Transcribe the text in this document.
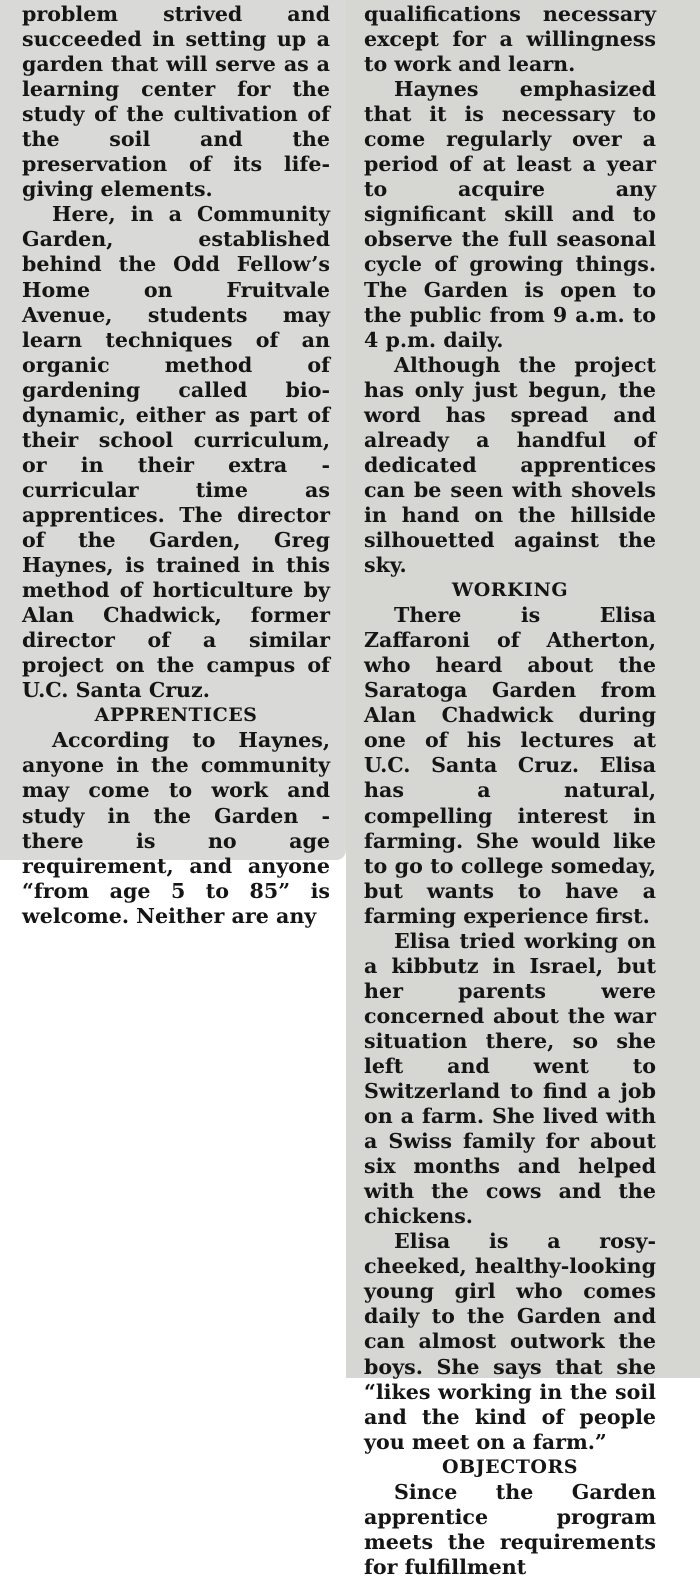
problem strived and succeeded in setting up a garden that will serve as a learning center for the study of the cultivation of the soil and the preservation of its life-giving elements.

Here, in a Community Garden, established behind the Odd Fellow’s Home on Fruitvale Avenue, students may learn techniques of an organic method of gardening called bio-dynamic, either as part of their school curriculum, or in their extra - curricular time as apprentices. The director of the Garden, Greg Haynes, is trained in this method of horticulture by Alan Chadwick, former director of a similar project on the campus of U.C. Santa Cruz.

APPRENTICES

According to Haynes, anyone in the community may come to work and study in the Garden - there is no age requirement, and anyone “from age 5 to 85” is welcome. Neither are any

qualifications necessary except for a willingness to work and learn.

Haynes emphasized that it is necessary to come regularly over a period of at least a year to acquire any significant skill and to observe the full seasonal cycle of growing things. The Garden is open to the public from 9 a.m. to 4 p.m. daily.

Although the project has only just begun, the word has spread and already a handful of dedicated apprentices can be seen with shovels in hand on the hillside silhouetted against the sky.

WORKING

There is Elisa Zaffaroni of Atherton, who heard about the Saratoga Garden from Alan Chadwick during one of his lectures at U.C. Santa Cruz. Elisa has a natural, compelling interest in farming. She would like to go to college someday, but wants to have a farming experience first.

Elisa tried working on a kibbutz in Israel, but her parents were concerned about the war situation there, so she left and went to Switzerland to find a job on a farm. She lived with a Swiss family for about six months and helped with the cows and the chickens.

Elisa is a rosy-cheeked, healthy-looking young girl who comes daily to the Garden and can almost outwork the boys. She says that she “likes working in the soil and the kind of people you meet on a farm.”

OBJECTORS

Since the Garden apprentice program meets the requirements for fulfillment
